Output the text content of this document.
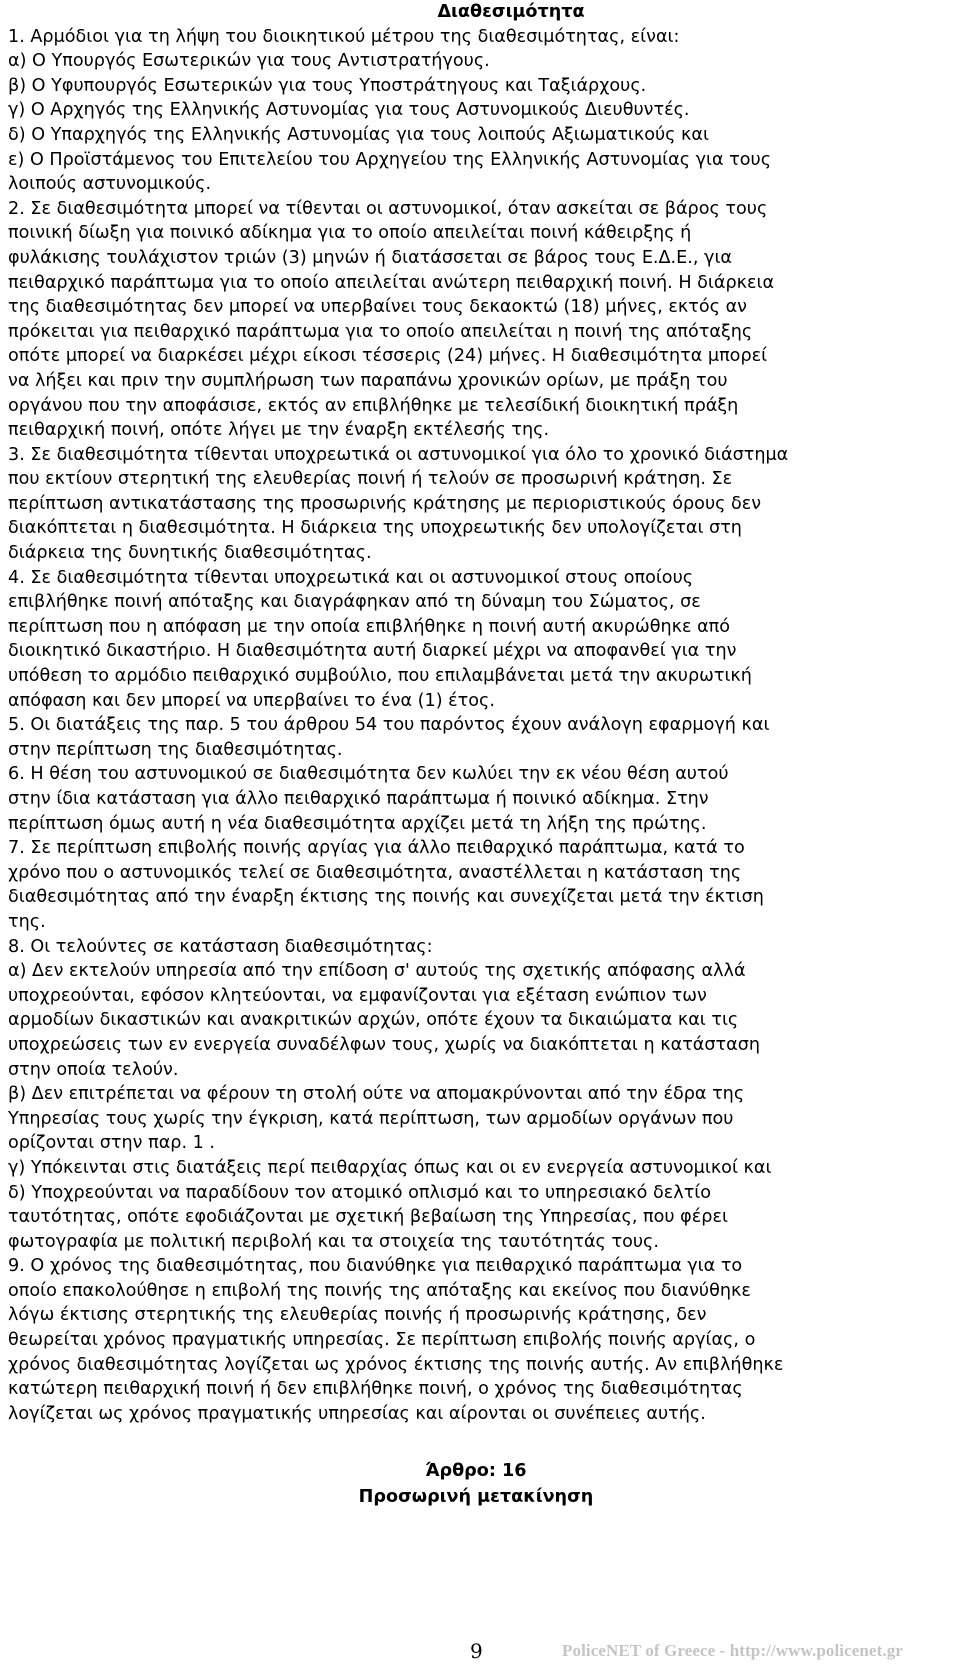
Διαθεσιμότητα

1. Αρμόδιοι για τη λήψη του διοικητικού μέτρου της διαθεσιμότητας, είναι:

α) Ο Υπουργός Εσωτερικών για τους Αντιστρατήγους.

β) Ο Υφυπουργός Εσωτερικών για τους Υποστράτηγους και Ταξιάρχους.

γ) Ο Αρχηγός της Ελληνικής Αστυνομίας για τους Αστυνομικούς Διευθυντές.

δ) Ο Υπαρχηγός της Ελληνικής Αστυνομίας για τους λοιπούς Αξιωματικούς και

ε) Ο Προϊστάμενος του Επιτελείου του Αρχηγείου της Ελληνικής Αστυνομίας για τους

λοιπούς αστυνομικούς.

2. Σε διαθεσιμότητα μπορεί να τίθενται οι αστυνομικοί, όταν ασκείται σε βάρος τους

ποινική δίωξη για ποινικό αδίκημα για το οποίο απειλείται ποινή κάθειρξης ή

φυλάκισης τουλάχιστον τριών (3) μηνών ή διατάσσεται σε βάρος τους Ε.Δ.Ε., για

πειθαρχικό παράπτωμα για το οποίο απειλείται ανώτερη πειθαρχική ποινή. Η διάρκεια

της διαθεσιμότητας δεν μπορεί να υπερβαίνει τους δεκαοκτώ (18) μήνες, εκτός αν

πρόκειται για πειθαρχικό παράπτωμα για το οποίο απειλείται η ποινή της απόταξης

οπότε μπορεί να διαρκέσει μέχρι είκοσι τέσσερις (24) μήνες. Η διαθεσιμότητα μπορεί

να λήξει και πριν την συμπλήρωση των παραπάνω χρονικών ορίων, με πράξη του

οργάνου που την αποφάσισε, εκτός αν επιβλήθηκε με τελεσίδική διοικητική πράξη

πειθαρχική ποινή, οπότε λήγει με την έναρξη εκτέλεσής της.

3. Σε διαθεσιμότητα τίθενται υποχρεωτικά οι αστυνομικοί για όλο το χρονικό διάστημα

που εκτίουν στερητική της ελευθερίας ποινή ή τελούν σε προσωρινή κράτηση. Σε

περίπτωση αντικατάστασης της προσωρινής κράτησης με περιοριστικούς όρους δεν

διακόπτεται η διαθεσιμότητα. Η διάρκεια της υποχρεωτικής δεν υπολογίζεται στη

διάρκεια της δυνητικής διαθεσιμότητας.

4. Σε διαθεσιμότητα τίθενται υποχρεωτικά και οι αστυνομικοί στους οποίους

επιβλήθηκε ποινή απόταξης και διαγράφηκαν από τη δύναμη του Σώματος, σε

περίπτωση που η απόφαση με την οποία επιβλήθηκε η ποινή αυτή ακυρώθηκε από

διοικητικό δικαστήριο. Η διαθεσιμότητα αυτή διαρκεί μέχρι να αποφανθεί για την

υπόθεση το αρμόδιο πειθαρχικό συμβούλιο, που επιλαμβάνεται μετά την ακυρωτική

απόφαση και δεν μπορεί να υπερβαίνει το ένα (1) έτος.

5. Οι διατάξεις της παρ. 5 του άρθρου 54 του παρόντος έχουν ανάλογη εφαρμογή και

στην περίπτωση της διαθεσιμότητας.

6. Η θέση του αστυνομικού σε διαθεσιμότητα δεν κωλύει την εκ νέου θέση αυτού

στην ίδια κατάσταση για άλλο πειθαρχικό παράπτωμα ή ποινικό αδίκημα. Στην

περίπτωση όμως αυτή η νέα διαθεσιμότητα αρχίζει μετά τη λήξη της πρώτης.

7. Σε περίπτωση επιβολής ποινής αργίας για άλλο πειθαρχικό παράπτωμα, κατά το

χρόνο που ο αστυνομικός τελεί σε διαθεσιμότητα, αναστέλλεται η κατάσταση της

διαθεσιμότητας από την έναρξη έκτισης της ποινής και συνεχίζεται μετά την έκτιση

της.

8. Οι τελούντες σε κατάσταση διαθεσιμότητας:

α) Δεν εκτελούν υπηρεσία από την επίδοση σ' αυτούς της σχετικής απόφασης αλλά

υποχρεούνται, εφόσον κλητεύονται, να εμφανίζονται για εξέταση ενώπιον των

αρμοδίων δικαστικών και ανακριτικών αρχών, οπότε έχουν τα δικαιώματα και τις

υποχρεώσεις των εν ενεργεία συναδέλφων τους, χωρίς να διακόπτεται η κατάσταση

στην οποία τελούν.

β) Δεν επιτρέπεται να φέρουν τη στολή ούτε να απομακρύνονται από την έδρα της

Υπηρεσίας τους χωρίς την έγκριση, κατά περίπτωση, των αρμοδίων οργάνων που

ορίζονται στην παρ. 1 .

γ) Υπόκεινται στις διατάξεις περί πειθαρχίας όπως και οι εν ενεργεία αστυνομικοί και

δ) Υποχρεούνται να παραδίδουν τον ατομικό οπλισμό και το υπηρεσιακό δελτίο

ταυτότητας, οπότε εφοδιάζονται με σχετική βεβαίωση της Υπηρεσίας, που φέρει

φωτογραφία με πολιτική περιβολή και τα στοιχεία της ταυτότητάς τους.

9. Ο χρόνος της διαθεσιμότητας, που διανύθηκε για πειθαρχικό παράπτωμα για το

οποίο επακολούθησε η επιβολή της ποινής της απόταξης και εκείνος που διανύθηκε

λόγω έκτισης στερητικής της ελευθερίας ποινής ή προσωρινής κράτησης, δεν

θεωρείται χρόνος πραγματικής υπηρεσίας. Σε περίπτωση επιβολής ποινής αργίας, ο

χρόνος διαθεσιμότητας λογίζεται ως χρόνος έκτισης της ποινής αυτής. Αν επιβλήθηκε

κατώτερη πειθαρχική ποινή ή δεν επιβλήθηκε ποινή, ο χρόνος της διαθεσιμότητας

λογίζεται ως χρόνος πραγματικής υπηρεσίας και αίρονται οι συνέπειες αυτής.

Άρθρο: 16

Προσωρινή μετακίνηση

9	PoliceNET of Greece - http://www.policenet.gr
